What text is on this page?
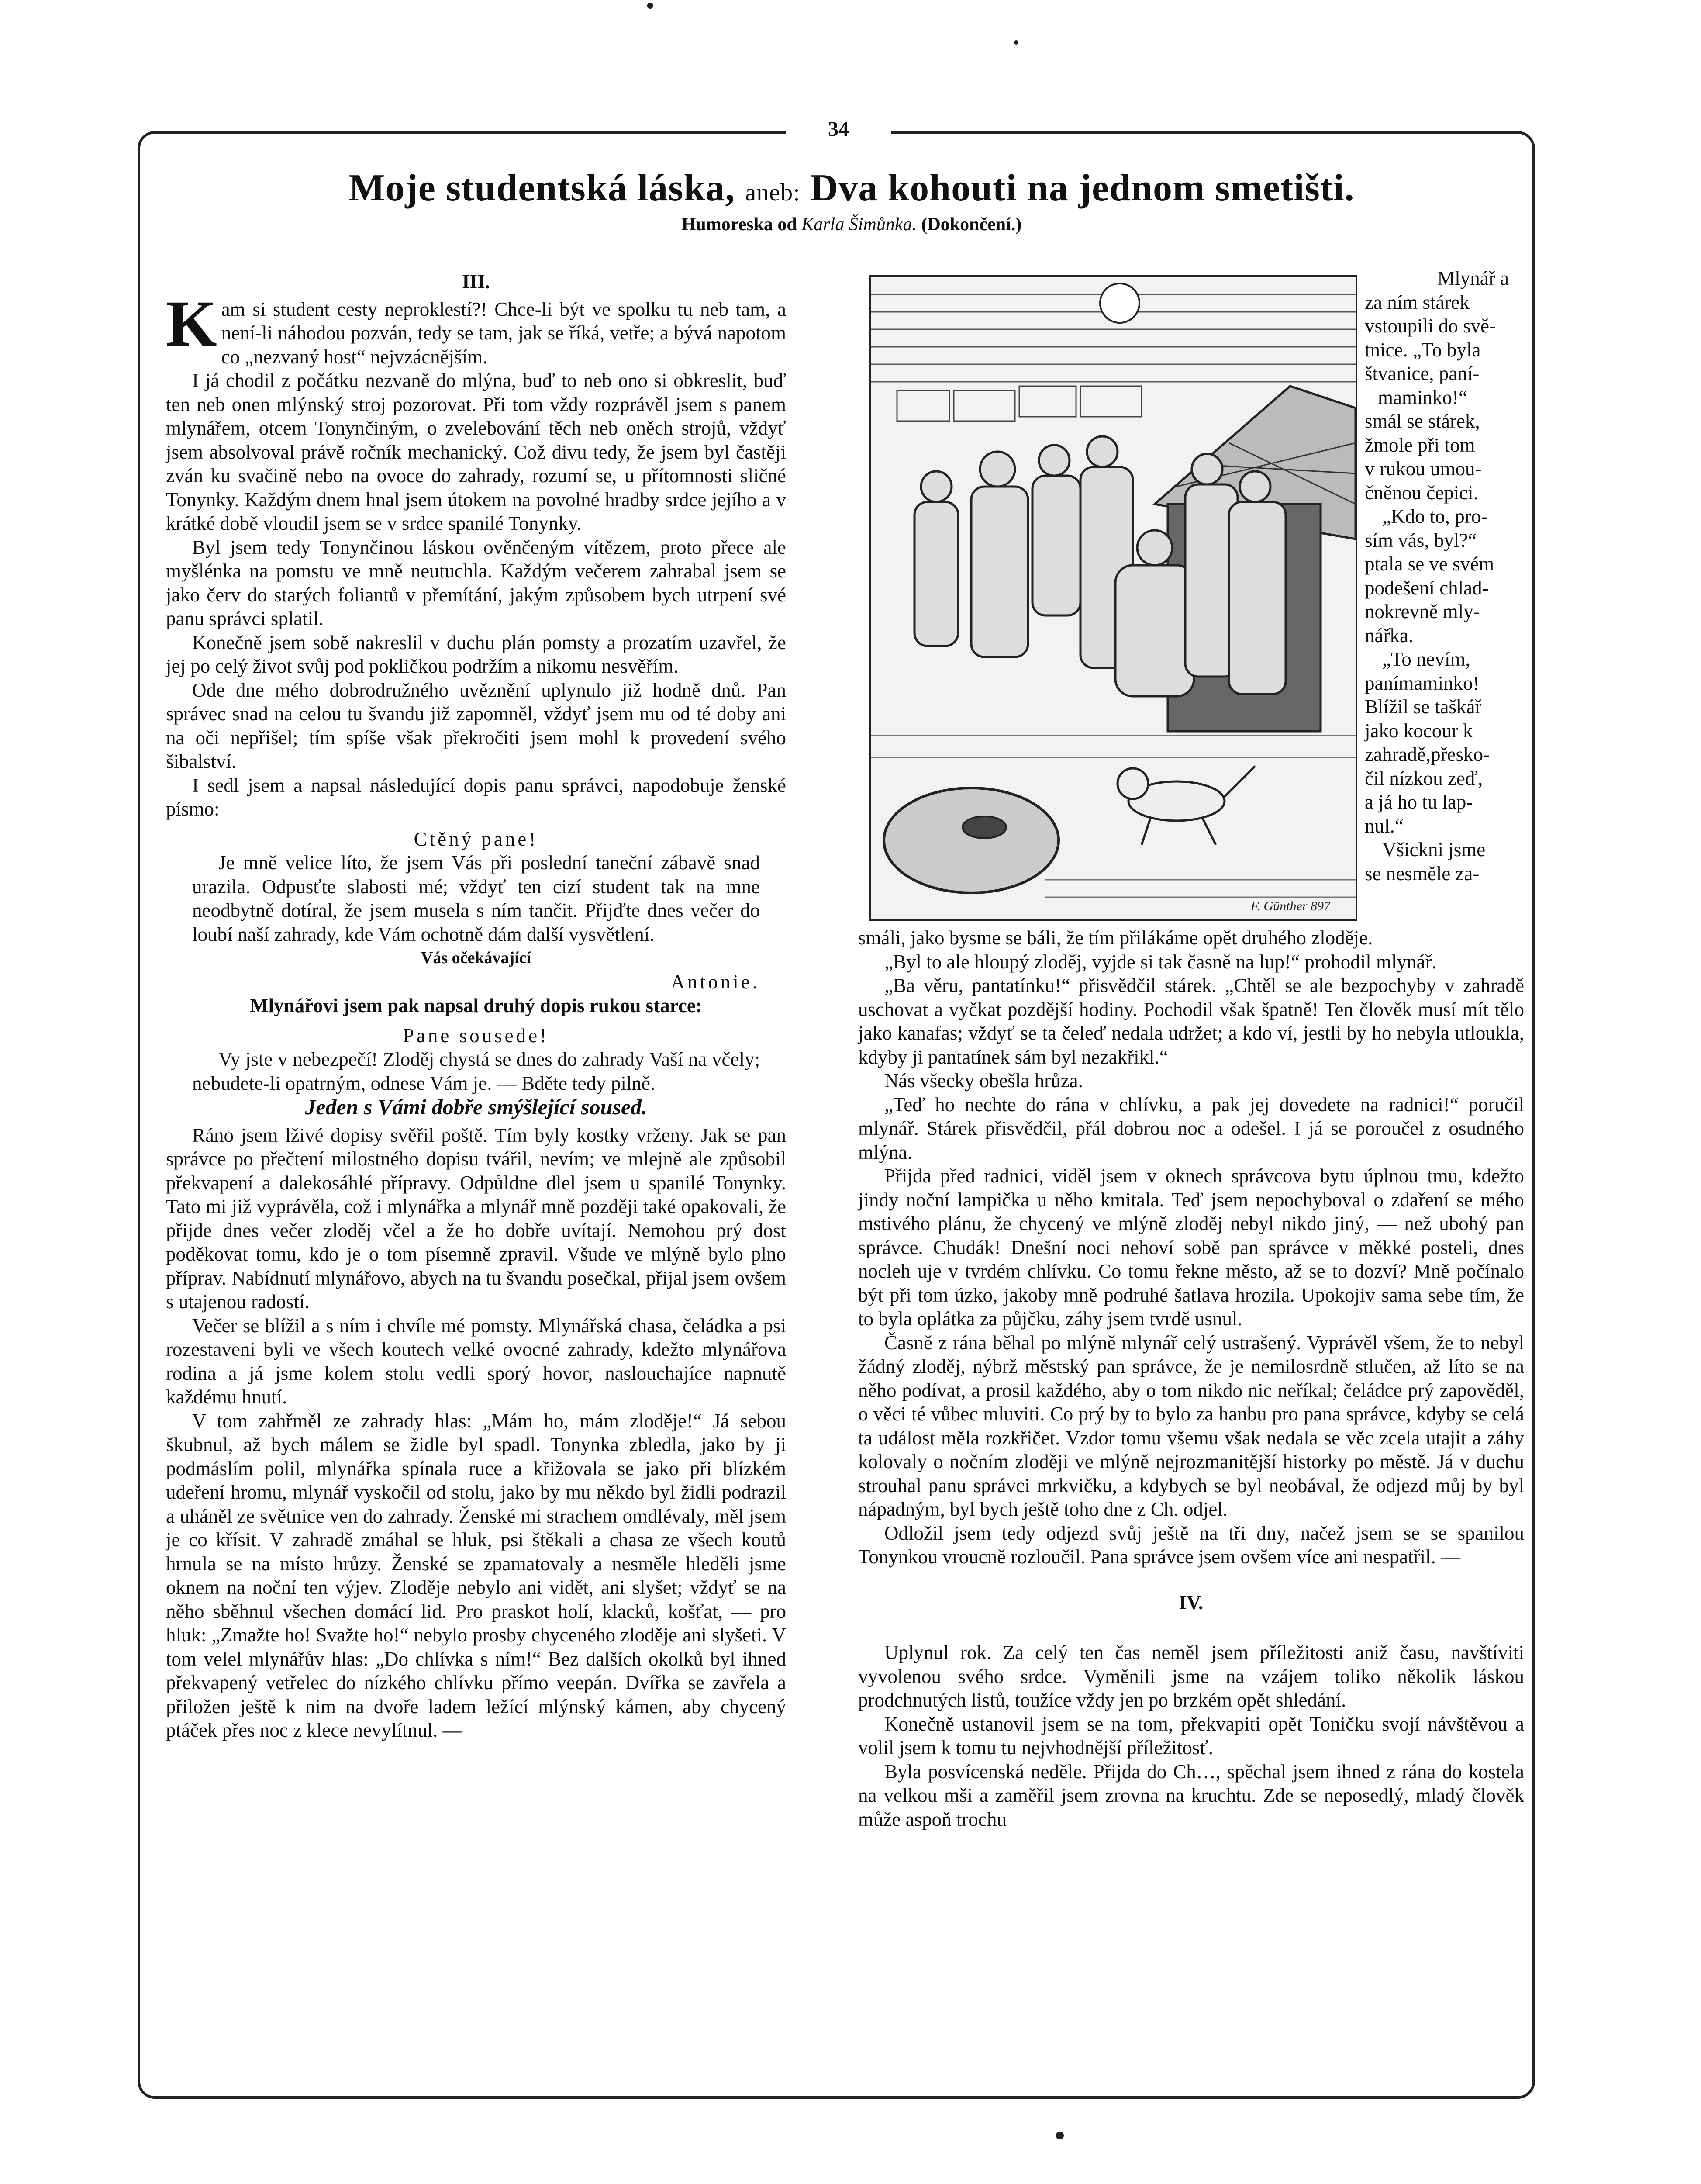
34
Moje studentská láska, aneb: Dva kohouti na jednom smetišti.
Humoreska od Karla Šimůnka. (Dokončení.)

III.

Kam si student cesty neproklestí?! Chce-li být ve spolku tu neb tam, a není-li náhodou pozván, tedy se tam, jak se říká, vetře; a bývá napotom co „nezvaný host“ nejvzácnějším.

I já chodil z počátku nezvaně do mlýna, buď to neb ono si obkreslit, buď ten neb onen mlýnský stroj pozorovat. Při tom vždy rozprávěl jsem s panem mlynářem, otcem Tonynčiným, o zvelebování těch neb oněch strojů, vždyť jsem absolvoval právě ročník mechanický. Což divu tedy, že jsem byl častěji zván ku svačině nebo na ovoce do zahrady, rozumí se, u přítomnosti sličné Tonynky. Každým dnem hnal jsem útokem na povolné hradby srdce jejího a v krátké době vloudil jsem se v srdce spanilé Tonynky.

Byl jsem tedy Tonynčinou láskou ověnčeným vítězem, proto přece ale myšlénka na pomstu ve mně neutuchla. Každým večerem zahrabal jsem se jako červ do starých foliantů v přemítání, jakým způsobem bych utrpení své panu správci splatil.

Konečně jsem sobě nakreslil v duchu plán pomsty a prozatím uzavřel, že jej po celý život svůj pod pokličkou podržím a nikomu nesvěřím.

Ode dne mého dobrodružného uvěznění uplynulo již hodně dnů. Pan správec snad na celou tu švandu již zapomněl, vždyť jsem mu od té doby ani na oči nepřišel; tím spíše však překročiti jsem mohl k provedení svého šibalství.

I sedl jsem a napsal následující dopis panu správci, napodobuje ženské písmo:

Ctěný pane!

Je mně velice líto, že jsem Vás při poslední taneční zábavě snad urazila. Odpusťte slabosti mé; vždyť ten cizí student tak na mne neodbytně dotíral, že jsem musela s ním tančit. Přijďte dnes večer do loubí naší zahrady, kde Vám ochotně dám další vysvětlení.

Vás očekávající

Antonie.

Mlynářovi jsem pak napsal druhý dopis rukou starce:

Pane sousede!

Vy jste v nebezpečí! Zloděj chystá se dnes do zahrady Vaší na včely; nebudete-li opatrným, odnese Vám je. — Bděte tedy pilně.

Jeden s Vámi dobře smýšlející soused.

Ráno jsem lživé dopisy svěřil poště. Tím byly kostky vrženy. Jak se pan správce po přečtení milostného dopisu tvářil, nevím; ve mlejně ale způsobil překvapení a dalekosáhlé přípravy. Odpůldne dlel jsem u spanilé Tonynky. Tato mi již vyprávěla, což i mlynářka a mlynář mně později také opakovali, že přijde dnes večer zloděj včel a že ho dobře uvítají. Nemohou prý dost poděkovat tomu, kdo je o tom písemně zpravil. Všude ve mlýně bylo plno příprav. Nabídnutí mlynářovo, abych na tu švandu posečkal, přijal jsem ovšem s utajenou radostí.

Večer se blížil a s ním i chvíle mé pomsty. Mlynářská chasa, čeládka a psi rozestaveni byli ve všech koutech velké ovocné zahrady, kdežto mlynářova rodina a já jsme kolem stolu vedli sporý hovor, naslouchajíce napnutě každému hnutí.

V tom zahřměl ze zahrady hlas: „Mám ho, mám zloděje!“ Já sebou škubnul, až bych málem se židle byl spadl. Tonynka zbledla, jako by ji podmáslím polil, mlynářka spínala ruce a křižovala se jako při blízkém udeření hromu, mlynář vyskočil od stolu, jako by mu někdo byl židli podrazil a uháněl ze světnice ven do zahrady. Ženské mi strachem omdlévaly, měl jsem je co křísit. V zahradě zmáhal se hluk, psi štěkali a chasa ze všech koutů hrnula se na místo hrůzy. Ženské se zpamatovaly a nesměle hleděli jsme oknem na noční ten výjev. Zloděje nebylo ani vidět, ani slyšet; vždyť se na něho sběhnul všechen domácí lid. Pro praskot holí, klacků, košťat, — pro hluk: „Zmažte ho! Svažte ho!“ nebylo prosby chyceného zloděje ani slyšeti. V tom velel mlynářův hlas: „Do chlívka s ním!“ Bez dalších okolků byl ihned překvapený vetřelec do nízkého chlívku přímo veepán. Dvířka se zavřela a přiložen ještě k nim na dvoře ladem ležící mlýnský kámen, aby chycený ptáček přes noc z klece nevylítnul. —

F. Günther 897
Mlynář a
za ním stárek
vstoupili do svě-
tnice. „To byla
štvanice, paní-
maminko!“
smál se stárek,
žmole při tom
v rukou umou-
čněnou čepici.
„Kdo to, pro-
sím vás, byl?“
ptala se ve svém
podešení chlad-
nokrevně mly-
nářka.
„To nevím,
panímaminko!
Blížil se taškář
jako kocour k
zahradě,přesko-
čil nízkou zeď,
a já ho tu lap-
nul.“
Všickni jsme
se nesměle za-

smáli, jako bysme se báli, že tím přilákáme opět druhého zloděje.

„Byl to ale hloupý zloděj, vyjde si tak časně na lup!“ prohodil mlynář.

„Ba věru, pantatínku!“ přisvědčil stárek. „Chtěl se ale bezpochyby v zahradě uschovat a vyčkat pozdější hodiny. Pochodil však špatně! Ten člověk musí mít tělo jako kanafas; vždyť se ta čeleď nedala udržet; a kdo ví, jestli by ho nebyla utloukla, kdyby ji pantatínek sám byl nezakřikl.“

Nás všecky obešla hrůza.

„Teď ho nechte do rána v chlívku, a pak jej dovedete na radnici!“ poručil mlynář. Stárek přisvědčil, přál dobrou noc a odešel. I já se poroučel z osudného mlýna.

Přijda před radnici, viděl jsem v oknech správcova bytu úplnou tmu, kdežto jindy noční lampička u něho kmitala. Teď jsem nepochyboval o zdaření se mého mstivého plánu, že chycený ve mlýně zloděj nebyl nikdo jiný, — než ubohý pan správce. Chudák! Dnešní noci nehoví sobě pan správce v měkké posteli, dnes nocleh uje v tvrdém chlívku. Co tomu řekne město, až se to dozví? Mně počínalo být při tom úzko, jakoby mně podruhé šatlava hrozila. Upokojiv sama sebe tím, že to byla oplátka za půjčku, záhy jsem tvrdě usnul.

Časně z rána běhal po mlýně mlynář celý ustrašený. Vyprávěl všem, že to nebyl žádný zloděj, nýbrž městský pan správce, že je nemilosrdně stlučen, až líto se na něho podívat, a prosil každého, aby o tom nikdo nic neříkal; čeládce prý zapověděl, o věci té vůbec mluviti. Co prý by to bylo za hanbu pro pana správce, kdyby se celá ta událost měla rozkřičet. Vzdor tomu všemu však nedala se věc zcela utajit a záhy kolovaly o nočním zloději ve mlýně nejrozmanitější historky po městě. Já v duchu strouhal panu správci mrkvičku, a kdybych se byl neobával, že odjezd můj by byl nápadným, byl bych ještě toho dne z Ch. odjel.

Odložil jsem tedy odjezd svůj ještě na tři dny, načež jsem se se spanilou Tonynkou vroucně rozloučil. Pana správce jsem ovšem více ani nespatřil. —

IV.

Uplynul rok. Za celý ten čas neměl jsem příležitosti aniž času, navštíviti vyvolenou svého srdce. Vyměnili jsme na vzájem toliko několik láskou prodchnutých listů, toužíce vždy jen po brzkém opět shledání.

Konečně ustanovil jsem se na tom, překvapiti opět Toničku svojí návštěvou a volil jsem k tomu tu nejvhodnější příležitosť.

Byla posvícenská neděle. Přijda do Ch…, spěchal jsem ihned z rána do kostela na velkou mši a zaměřil jsem zrovna na kruchtu. Zde se neposedlý, mladý člověk může aspoň trochu
